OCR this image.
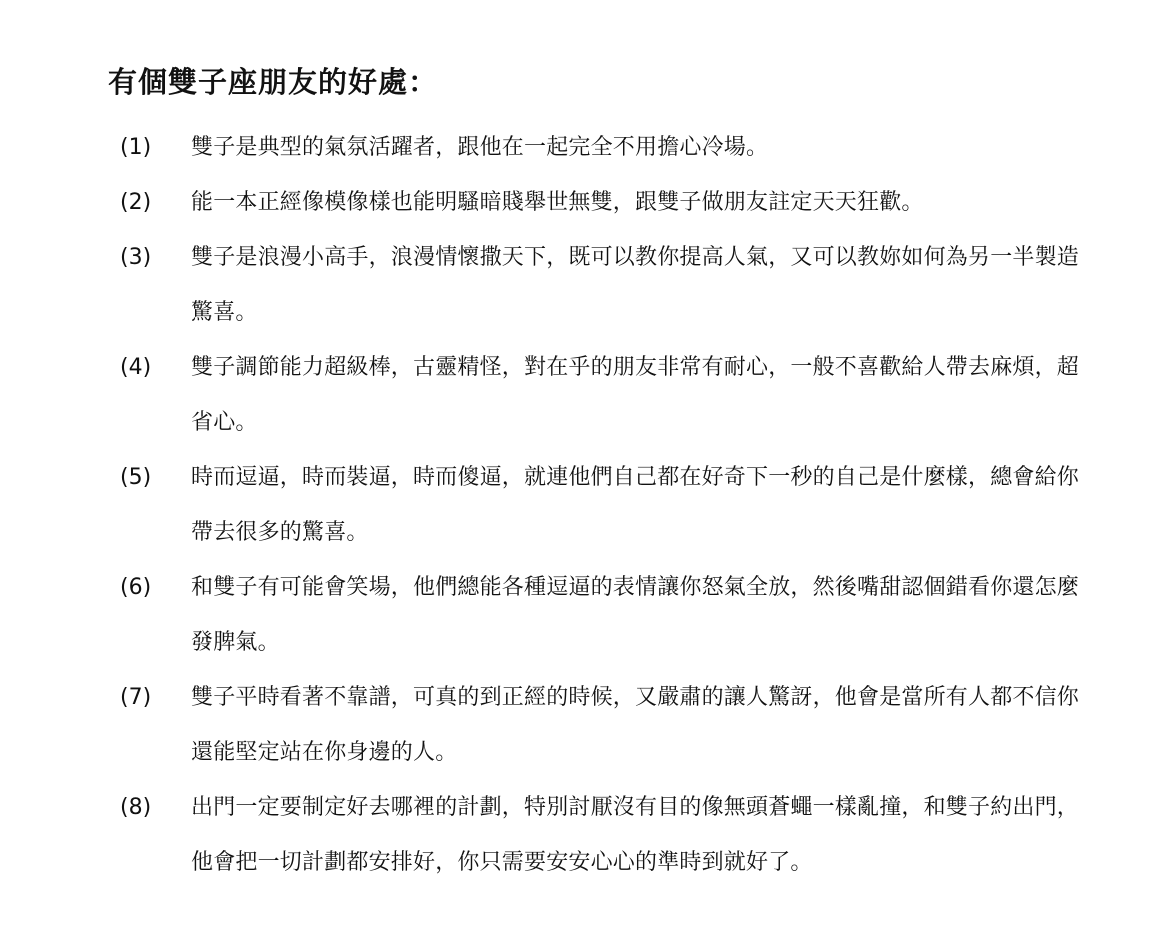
有個雙子座朋友的好處：
(1) 雙子是典型的氣氛活躍者，跟他在一起完全不用擔心冷場。
(2) 能一本正經像模像樣也能明騷暗賤舉世無雙，跟雙子做朋友註定天天狂歡。
(3) 雙子是浪漫小高手，浪漫情懷撒天下，既可以教你提高人氣，又可以教妳如何為另一半製造驚喜。
(4) 雙子調節能力超級棒，古靈精怪，對在乎的朋友非常有耐心，一般不喜歡給人帶去麻煩，超省心。
(5) 時而逗逼，時而裝逼，時而傻逼，就連他們自己都在好奇下一秒的自己是什麼樣，總會給你帶去很多的驚喜。
(6) 和雙子有可能會笑場，他們總能各種逗逼的表情讓你怒氣全放，然後嘴甜認個錯看你還怎麼發脾氣。
(7) 雙子平時看著不靠譜，可真的到正經的時候，又嚴肅的讓人驚訝，他會是當所有人都不信你還能堅定站在你身邊的人。
(8) 出門一定要制定好去哪裡的計劃，特別討厭沒有目的像無頭蒼蠅一樣亂撞，和雙子約出門，他會把一切計劃都安排好，你只需要安安心心的準時到就好了。
